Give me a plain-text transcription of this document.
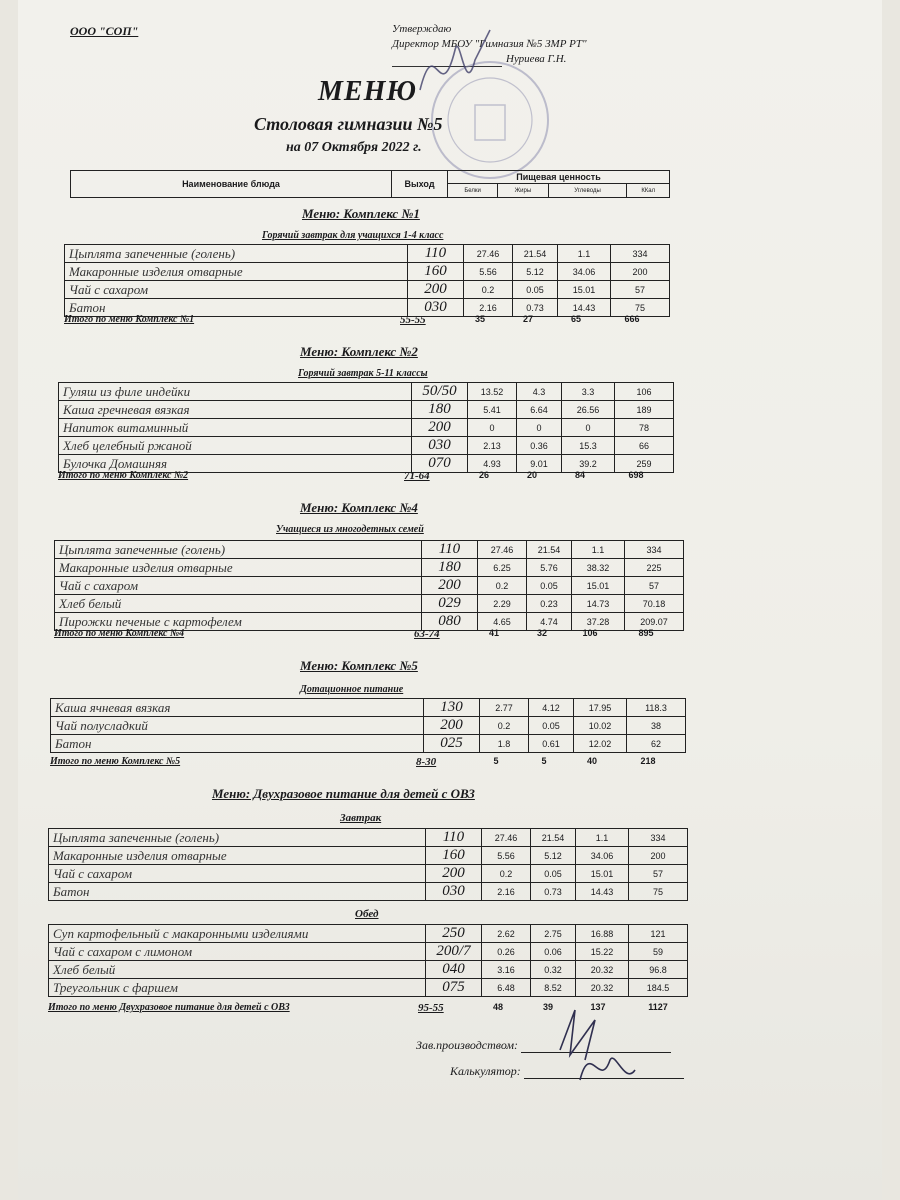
ООО "СОП"	Утверждаю
Директор МБОУ "Гимназия №5 ЗМР РТ"
Нуриева Г.Н.
МЕНЮ
Столовая гимназии №5
на 07 Октября 2022 г.
Наименование блюда	Выход	Пищевая ценность			
		Белки	Жиры	Углеводы	ККал
Меню: Комплекс №1
Горячий завтрак для учащихся 1-4 класс
Цыплята запеченные (голень)	110	27.46	21.54	1.1	334
Макаронные изделия отварные	160	5.56	5.12	34.06	200
Чай с сахаром	200	0.2	0.05	15.01	57
Батон	030	2.16	0.73	14.43	75
Итого по меню Комплекс №1	55-55	35	27	65	666
Меню: Комплекс №2
Горячий завтрак 5-11 классы
Гуляш из филе индейки	50/50	13.52	4.3	3.3	106
Каша гречневая вязкая	180	5.41	6.64	26.56	189
Напиток витаминный	200	0	0	0	78
Хлеб целебный ржаной	030	2.13	0.36	15.3	66
Булочка Домашняя	070	4.93	9.01	39.2	259
Итого по меню Комплекс №2	71-64	26	20	84	698
Меню: Комплекс №4
Учащиеся из многодетных семей
Цыплята запеченные (голень)	110	27.46	21.54	1.1	334
Макаронные изделия отварные	180	6.25	5.76	38.32	225
Чай с сахаром	200	0.2	0.05	15.01	57
Хлеб белый	029	2.29	0.23	14.73	70.18
Пирожки печеные с картофелем	080	4.65	4.74	37.28	209.07
Итого по меню Комплекс №4	63-74	41	32	106	895
Меню: Комплекс №5
Дотационное питание
Каша ячневая вязкая	130	2.77	4.12	17.95	118.3
Чай полусладкий	200	0.2	0.05	10.02	38
Батон	025	1.8	0.61	12.02	62
Итого по меню Комплекс №5	8-30	5	5	40	218
Меню: Двухразовое питание для детей с ОВЗ
Завтрак
Цыплята запеченные (голень)	110	27.46	21.54	1.1	334
Макаронные изделия отварные	160	5.56	5.12	34.06	200
Чай с сахаром	200	0.2	0.05	15.01	57
Батон	030	2.16	0.73	14.43	75
Обед
Суп картофельный с макаронными изделиями	250	2.62	2.75	16.88	121
Чай с сахаром с лимоном	200/7	0.26	0.06	15.22	59
Хлеб белый	040	3.16	0.32	20.32	96.8
Треугольник с фаршем	075	6.48	8.52	20.32	184.5
Итого по меню Двухразовое питание для детей с ОВЗ	95-55	48	39	137	1127
Зав.производством:
Калькулятор:
